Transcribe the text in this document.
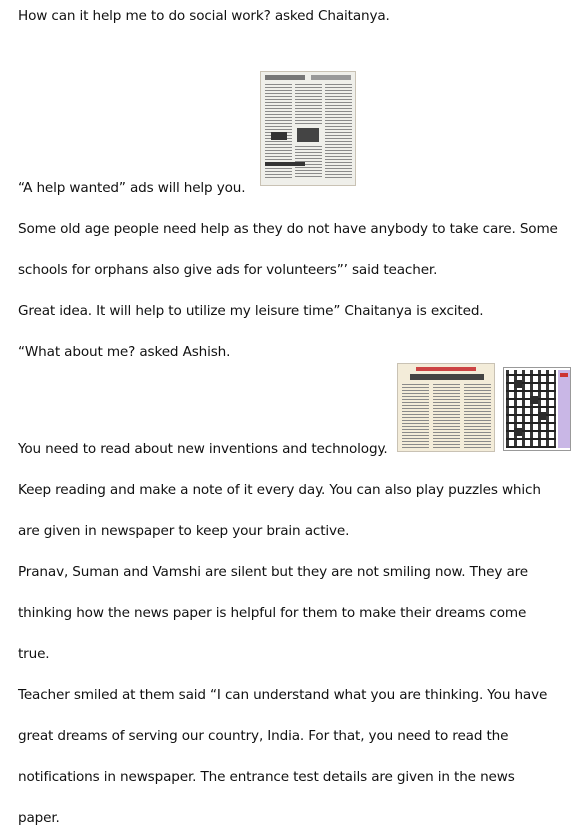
How can it help me to do social work? asked Chaitanya.
“A help wanted” ads will help you.
Some old age people need help as they do not have anybody to take care. Some
schools for orphans also give ads for volunteers”’ said teacher.
Great idea. It will help to utilize my leisure time” Chaitanya is excited.
“What about me? asked Ashish.
You need to read about new inventions and technology.
Keep reading and make a note of it every day. You can also play puzzles which
are given in newspaper to keep your brain active.
Pranav, Suman and Vamshi are silent but they are not smiling now. They are
thinking how the news paper is helpful for them to make their dreams come
true.
Teacher smiled at them said “I can understand what you are thinking. You have
great dreams of serving our country, India. For that, you need to read the
notifications in newspaper. The entrance test details are given in the news
paper.
